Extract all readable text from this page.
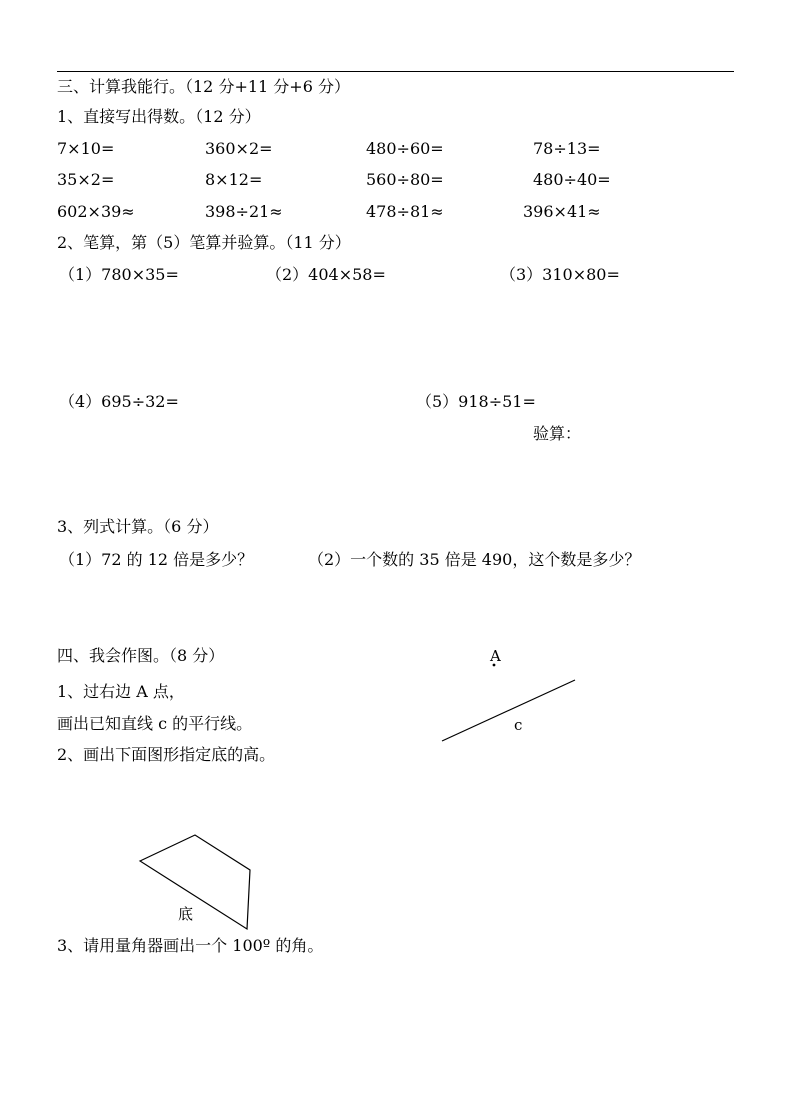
三、计算我能行。（12 分+11 分+6 分）
1、直接写出得数。（12 分）
7×10=	360×2=	480÷60=	78÷13=
35×2=	8×12=	560÷80=	480÷40=
602×39≈	398÷21≈	478÷81≈	396×41≈
2、笔算，第（5）笔算并验算。（11 分）
（1）780×35=	（2）404×58=	（3）310×80=
（4）695÷32=	（5）918÷51=
验算：
3、列式计算。（6 分）
（1）72 的 12 倍是多少？	（2）一个数的 35 倍是 490，这个数是多少？
四、我会作图。（8 分）
1、过右边 A 点，
画出已知直线 c 的平行线。
2、画出下面图形指定底的高。
3、请用量角器画出一个 100º 的角。
A
c
底
